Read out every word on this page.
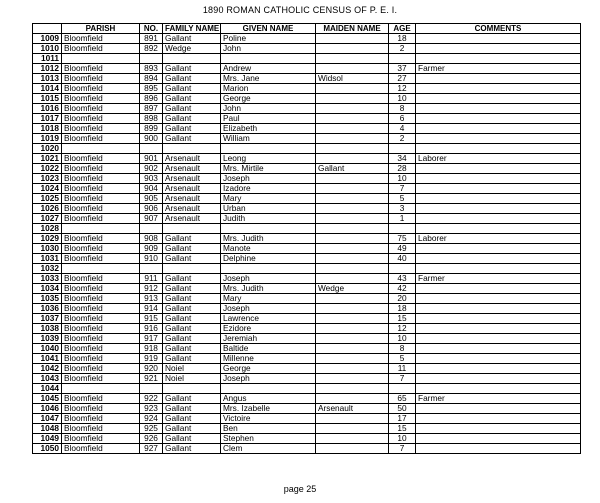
1890 ROMAN CATHOLIC CENSUS OF P. E. I.
	PARISH	NO.	FAMILY NAME	GIVEN NAME	MAIDEN NAME	AGE	COMMENTS
1009	Bloomfield	891	Gallant	Poline		18	
1010	Bloomfield	892	Wedge	John		2	
1011							
1012	Bloomfield	893	Gallant	Andrew		37	Farmer
1013	Bloomfield	894	Gallant	Mrs. Jane	Widsol	27	
1014	Bloomfield	895	Gallant	Marion		12	
1015	Bloomfield	896	Gallant	George		10	
1016	Bloomfield	897	Gallant	John		8	
1017	Bloomfield	898	Gallant	Paul		6	
1018	Bloomfield	899	Gallant	Elizabeth		4	
1019	Bloomfield	900	Gallant	William		2	
1020							
1021	Bloomfield	901	Arsenault	Leong		34	Laborer
1022	Bloomfield	902	Arsenault	Mrs. Mirtile	Gallant	28	
1023	Bloomfield	903	Arsenault	Joseph		10	
1024	Bloomfield	904	Arsenault	Izadore		7	
1025	Bloomfield	905	Arsenault	Mary		5	
1026	Bloomfield	906	Arsenault	Urban		3	
1027	Bloomfield	907	Arsenault	Judith		1	
1028							
1029	Bloomfield	908	Gallant	Mrs. Judith		75	Laborer
1030	Bloomfield	909	Gallant	Manote		49	
1031	Bloomfield	910	Gallant	Delphine		40	
1032							
1033	Bloomfield	911	Gallant	Joseph		43	Farmer
1034	Bloomfield	912	Gallant	Mrs. Judith	Wedge	42	
1035	Bloomfield	913	Gallant	Mary		20	
1036	Bloomfield	914	Gallant	Joseph		18	
1037	Bloomfield	915	Gallant	Lawrence		15	
1038	Bloomfield	916	Gallant	Ezidore		12	
1039	Bloomfield	917	Gallant	Jeremiah		10	
1040	Bloomfield	918	Gallant	Baltide		8	
1041	Bloomfield	919	Gallant	Millenne		5	
1042	Bloomfield	920	Noiel	George		11	
1043	Bloomfield	921	Noiel	Joseph		7	
1044							
1045	Bloomfield	922	Gallant	Angus		65	Farmer
1046	Bloomfield	923	Gallant	Mrs. Izabelle	Arsenault	50	
1047	Bloomfield	924	Gallant	Victoire		17	
1048	Bloomfield	925	Gallant	Ben		15	
1049	Bloomfield	926	Gallant	Stephen		10	
1050	Bloomfield	927	Gallant	Clem		7	
page 25
